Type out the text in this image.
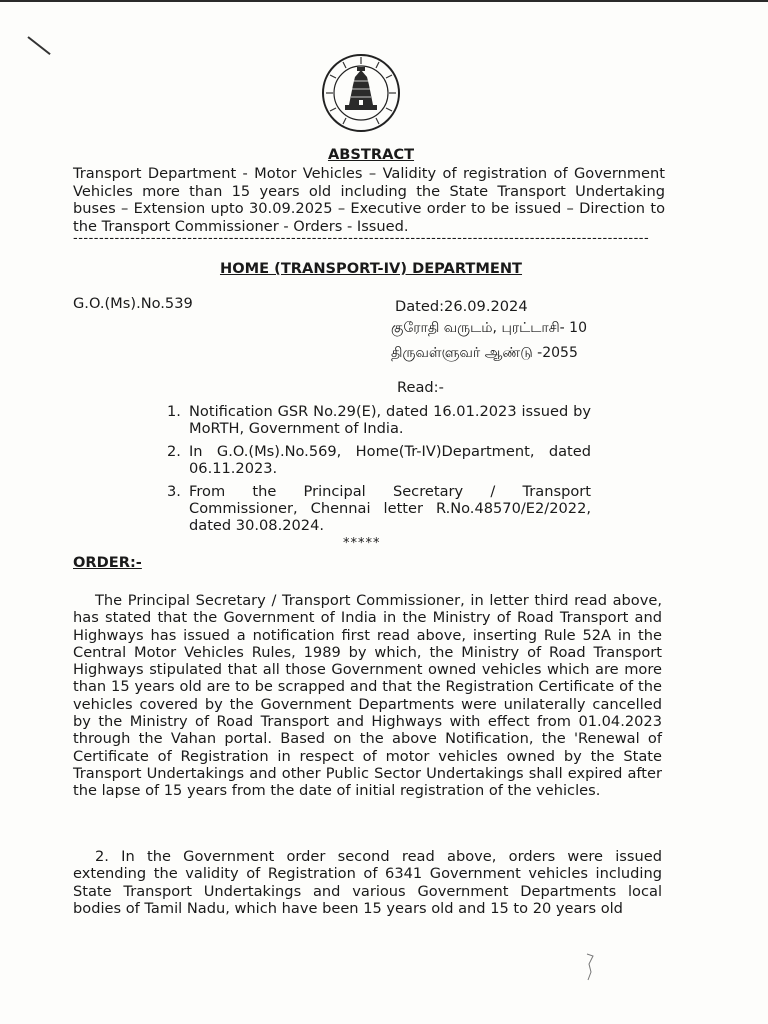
ABSTRACT
Transport Department - Motor Vehicles – Validity of registration of Government Vehicles more than 15 years old including the State Transport Undertaking buses – Extension upto 30.09.2025 – Executive order to be issued – Direction to the Transport Commissioner - Orders - Issued.
---------------------------------------------------------------------------------------------------------------
HOME (TRANSPORT-IV) DEPARTMENT
G.O.(Ms).No.539	Dated:26.09.2024
குரோதி வருடம், புரட்டாசி- 10
திருவள்ளுவர் ஆண்டு -2055
Read:-
1. Notification GSR No.29(E), dated 16.01.2023 issued by MoRTH, Government of India.
2. In G.O.(Ms).No.569, Home(Tr-IV)Department, dated 06.11.2023.
3. From the Principal Secretary / Transport Commissioner, Chennai letter R.No.48570/E2/2022, dated 30.08.2024.
*****
ORDER:-
The Principal Secretary / Transport Commissioner, in letter third read above, has stated that the Government of India in the Ministry of Road Transport and Highways has issued a notification first read above, inserting Rule 52A in the Central Motor Vehicles Rules, 1989 by which, the Ministry of Road Transport Highways stipulated that all those Government owned vehicles which are more than 15 years old are to be scrapped and that the Registration Certificate of the vehicles covered by the Government Departments were unilaterally cancelled by the Ministry of Road Transport and Highways with effect from 01.04.2023 through the Vahan portal. Based on the above Notification, the 'Renewal of Certificate of Registration in respect of motor vehicles owned by the State Transport Undertakings and other Public Sector Undertakings shall expired after the lapse of 15 years from the date of initial registration of the vehicles.
2. In the Government order second read above, orders were issued extending the validity of Registration of 6341 Government vehicles including State Transport Undertakings and various Government Departments local bodies of Tamil Nadu, which have been 15 years old and 15 to 20 years old
